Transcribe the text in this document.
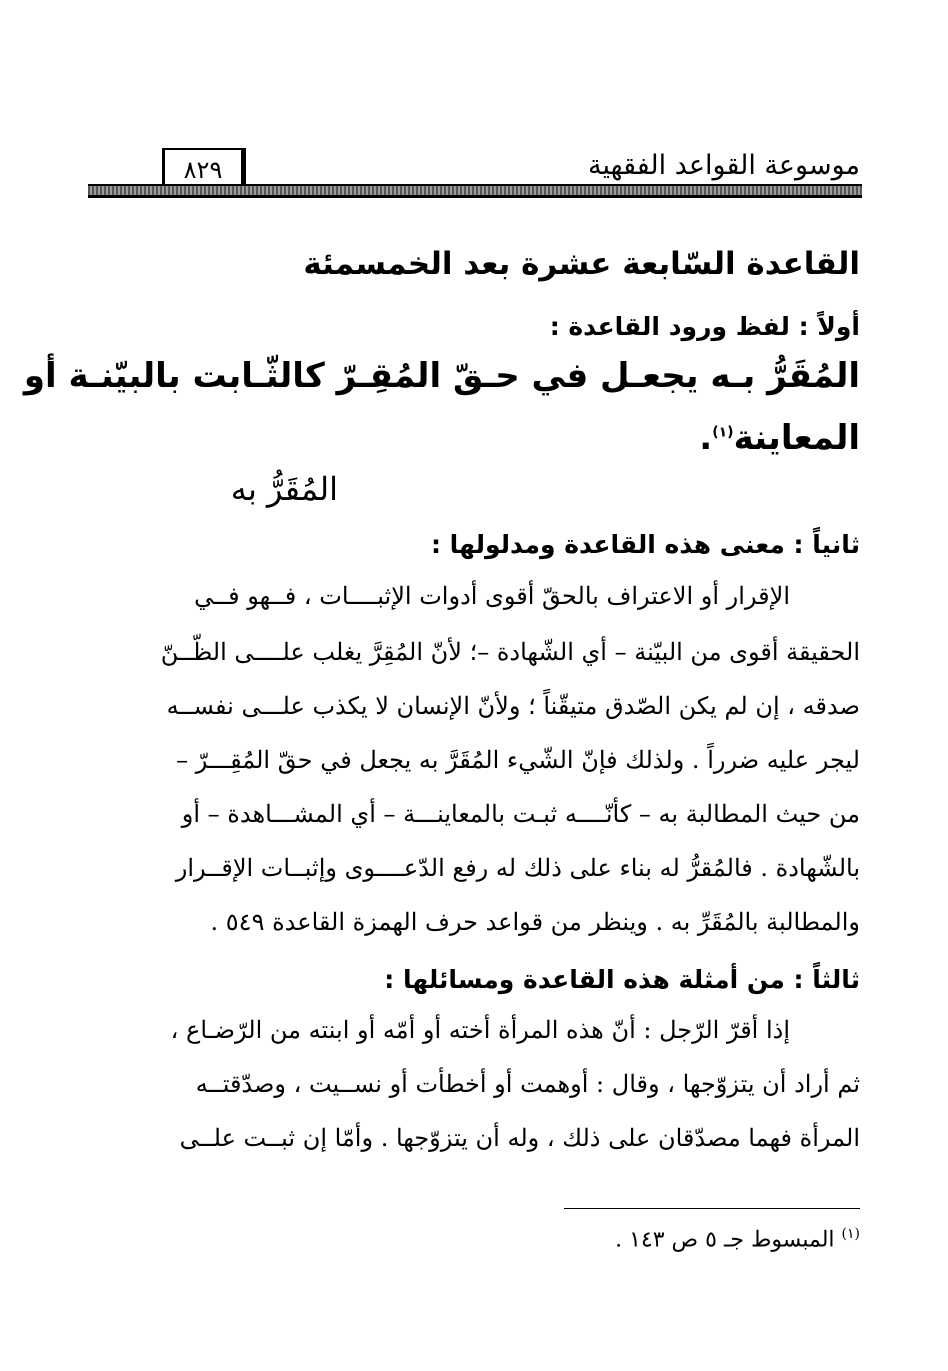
موسوعة القواعد الفقهية
٨٢٩
القاعدة السّابعة عشرة بعد الخمسمئة
أولاً : لفظ ورود القاعدة :
المُقَرُّ بـه يجعـل في حـقّ المُقِـرّ كالثّـابت بالبيّنـة أو
المعاينة$^{(١)}$.
المُقَرُّ به
ثانياً : معنى هذه القاعدة ومدلولها :
الإقرار أو الاعتراف بالحقّ أقوى أدوات الإثبــــات ، فــهو فــي
الحقيقة أقوى من البيّنة – أي الشّهادة –؛ لأنّ المُقِرَّ يغلب علــــى الظّــنّ
صدقه ، إن لم يكن الصّدق متيقّناً ؛ ولأنّ الإنسان لا يكذب علـــى نفســه
ليجر عليه ضرراً . ولذلك فإنّ الشّيء المُقَرَّ به يجعل في حقّ المُقِـــرّ –
من حيث المطالبة به – كأنّــــه ثبـت بالمعاينـــة – أي المشـــاهدة – أو
بالشّهادة . فالمُقرُّ له بناء على ذلك له رفع الدّعــــوى وإثبــات الإقــرار
والمطالبة بالمُقَرِّ به . وينظر من قواعد حرف الهمزة القاعدة ٥٤٩ .
ثالثاً : من أمثلة هذه القاعدة ومسائلها :
إذا أقرّ الرّجل : أنّ هذه المرأة أخته أو أمّه أو ابنته من الرّضـاع ،
ثم أراد أن يتزوّجها ، وقال : أوهمت أو أخطأت أو نســيت ، وصدّقتــه
المرأة فهما مصدّقان على ذلك ، وله أن يتزوّجها . وأمّا إن ثبــت علــى
$^{(١)}$ المبسوط جـ ٥ ص ١٤٣ .
